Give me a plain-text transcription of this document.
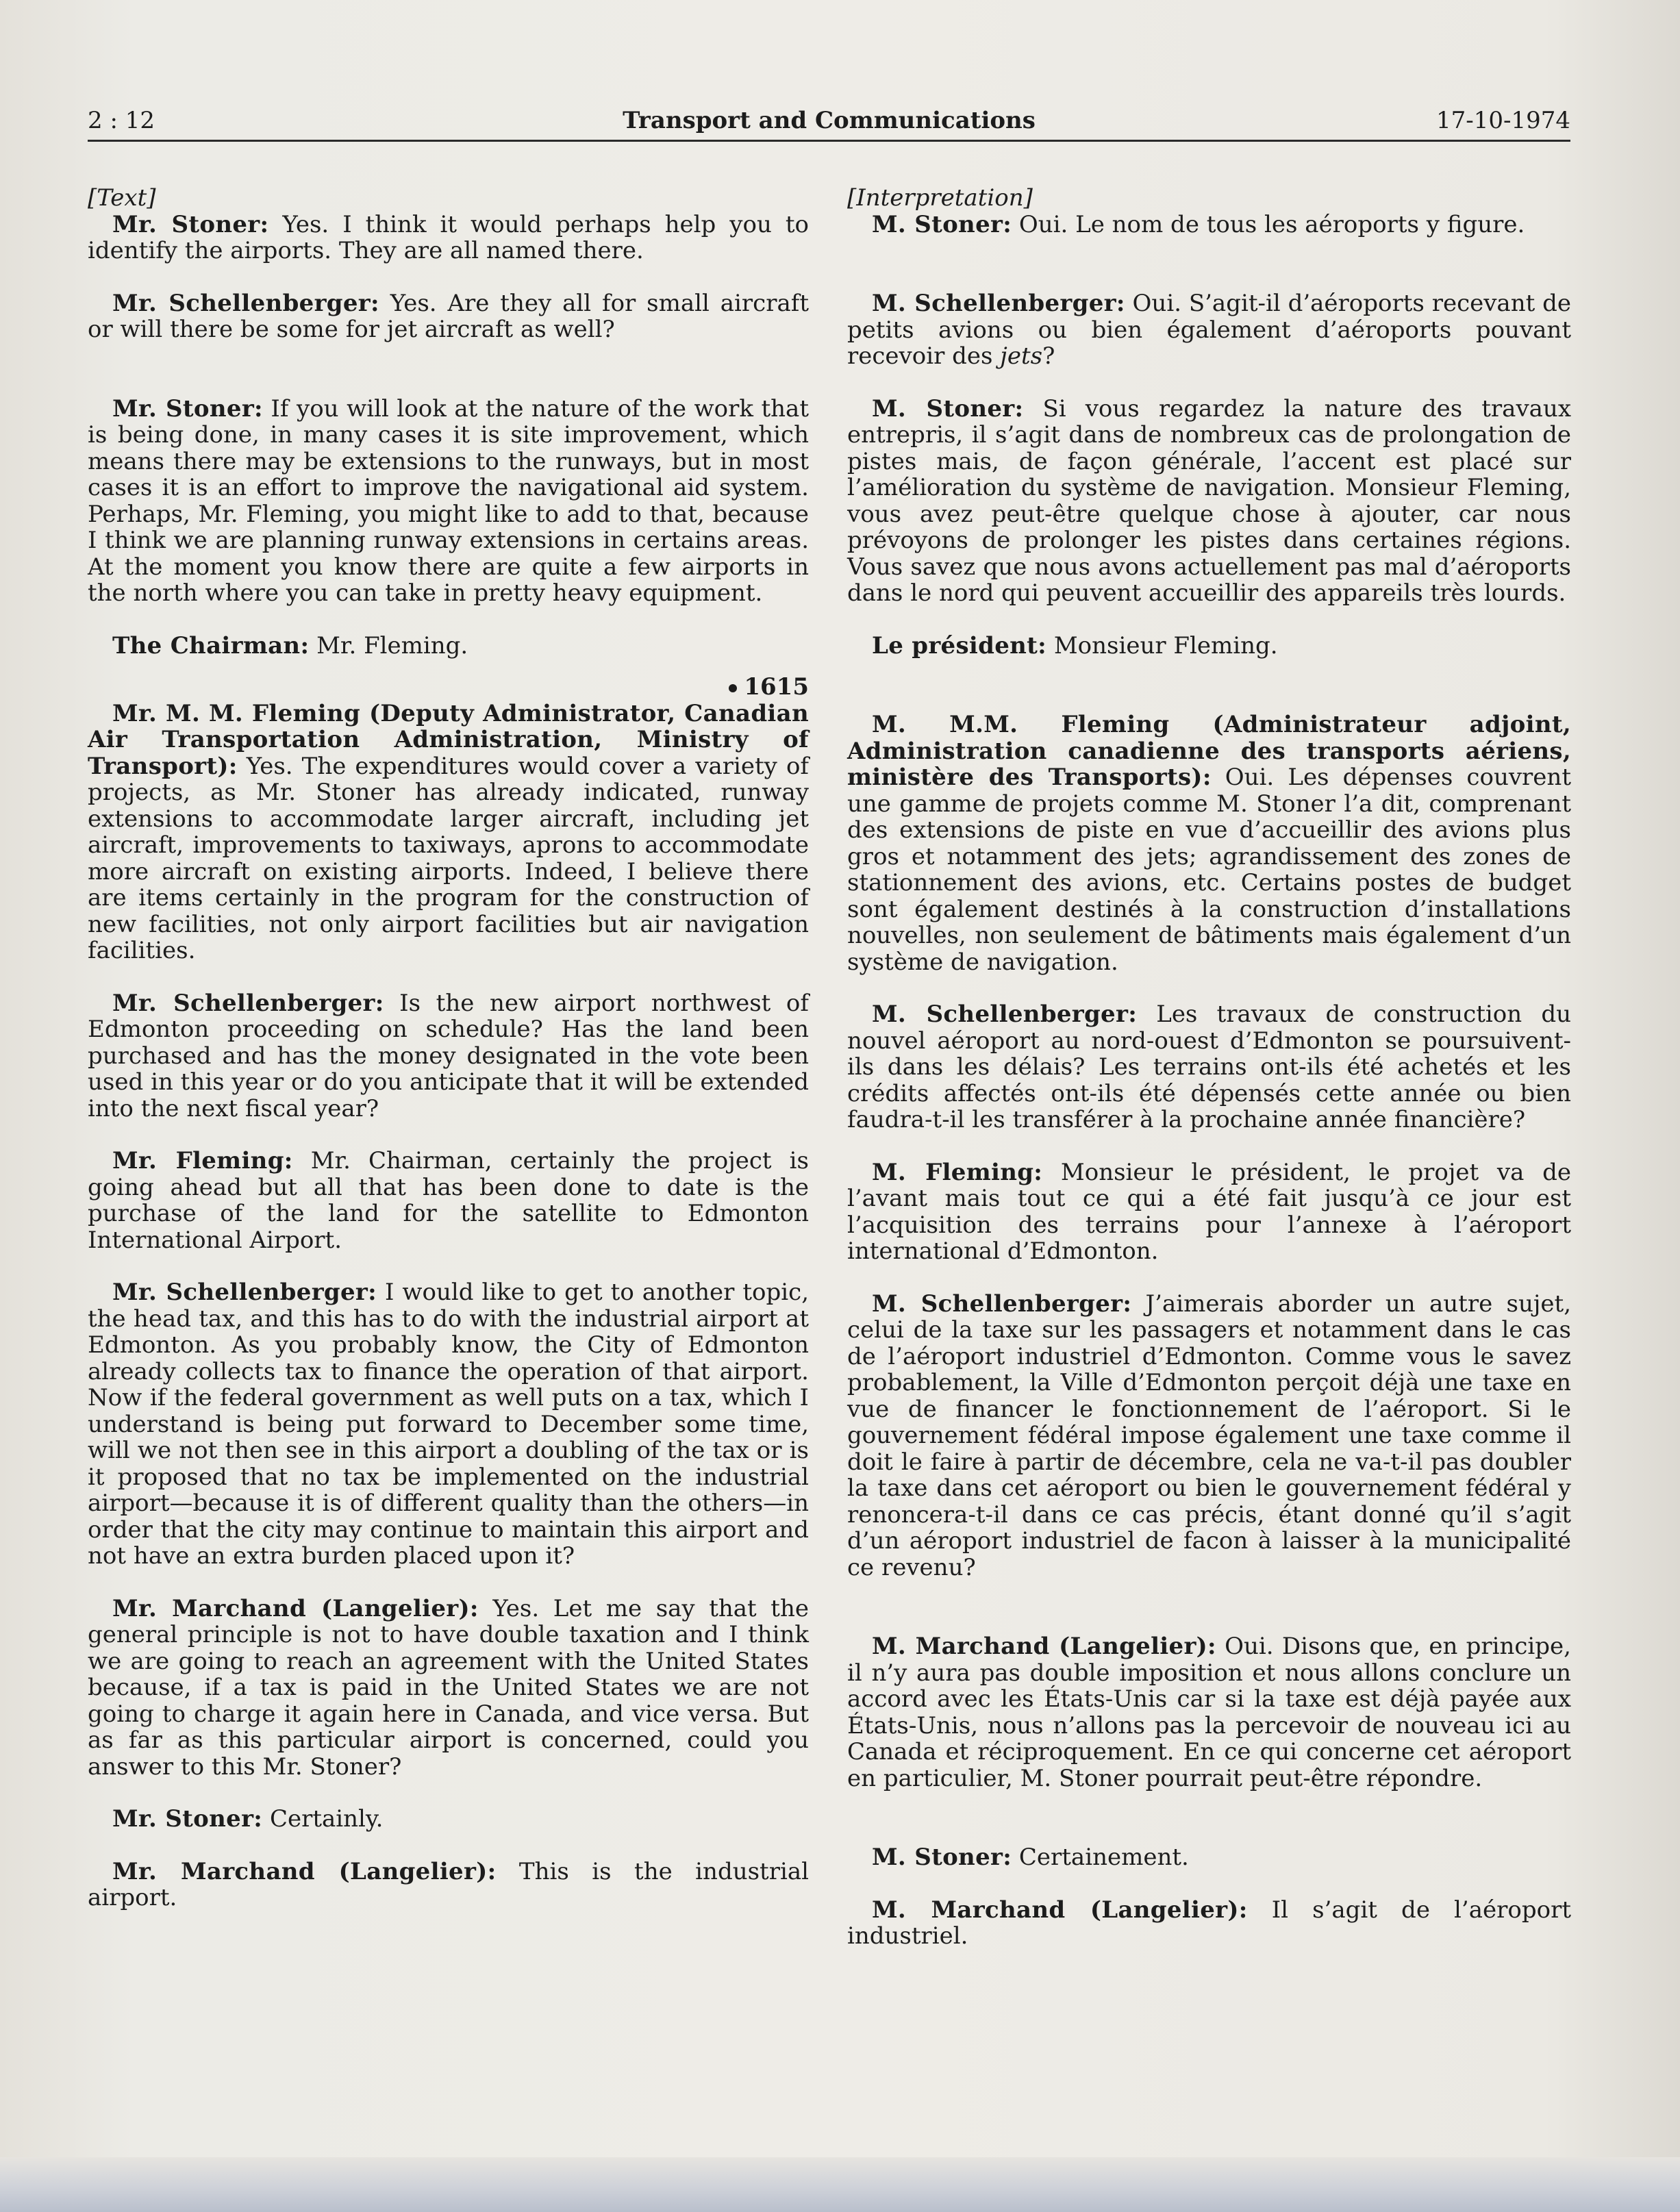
2 : 12	Transport and Communications	17-10-1974

[Text]

Mr. Stoner: Yes. I think it would perhaps help you to identify the airports. They are all named there.

Mr. Schellenberger: Yes. Are they all for small aircraft or will there be some for jet aircraft as well?

Mr. Stoner: If you will look at the nature of the work that is being done, in many cases it is site improvement, which means there may be extensions to the runways, but in most cases it is an effort to improve the navigational aid system. Perhaps, Mr. Fleming, you might like to add to that, because I think we are planning runway extensions in certains areas. At the moment you know there are quite a few airports in the north where you can take in pretty heavy equipment.

The Chairman: Mr. Fleming.

1615

Mr. M. M. Fleming (Deputy Administrator, Canadian Air Transportation Administration, Ministry of Transport): Yes. The expenditures would cover a variety of projects, as Mr. Stoner has already indicated, runway extensions to accommodate larger aircraft, including jet aircraft, improvements to taxiways, aprons to accommodate more aircraft on existing airports. Indeed, I believe there are items certainly in the program for the construction of new facilities, not only airport facilities but air navigation facilities.

Mr. Schellenberger: Is the new airport northwest of Edmonton proceeding on schedule? Has the land been purchased and has the money designated in the vote been used in this year or do you anticipate that it will be extended into the next fiscal year?

Mr. Fleming: Mr. Chairman, certainly the project is going ahead but all that has been done to date is the purchase of the land for the satellite to Edmonton International Airport.

Mr. Schellenberger: I would like to get to another topic, the head tax, and this has to do with the industrial airport at Edmonton. As you probably know, the City of Edmonton already collects tax to finance the operation of that airport. Now if the federal government as well puts on a tax, which I understand is being put forward to December some time, will we not then see in this airport a doubling of the tax or is it proposed that no tax be implemented on the industrial airport—because it is of different quality than the others—in order that the city may continue to maintain this airport and not have an extra burden placed upon it?

Mr. Marchand (Langelier): Yes. Let me say that the general principle is not to have double taxation and I think we are going to reach an agreement with the United States because, if a tax is paid in the United States we are not going to charge it again here in Canada, and vice versa. But as far as this particular airport is concerned, could you answer to this Mr. Stoner?

Mr. Stoner: Certainly.

Mr. Marchand (Langelier): This is the industrial airport.

[Interpretation]

M. Stoner: Oui. Le nom de tous les aéroports y figure.

M. Schellenberger: Oui. S’agit-il d’aéroports recevant de petits avions ou bien également d’aéroports pouvant recevoir des jets?

M. Stoner: Si vous regardez la nature des travaux entrepris, il s’agit dans de nombreux cas de prolongation de pistes mais, de façon générale, l’accent est placé sur l’amélioration du système de navigation. Monsieur Fleming, vous avez peut-être quelque chose à ajouter, car nous prévoyons de prolonger les pistes dans certaines régions. Vous savez que nous avons actuellement pas mal d’aéroports dans le nord qui peuvent accueillir des appareils très lourds.

Le président: Monsieur Fleming.

M. M.M. Fleming (Administrateur adjoint, Administration canadienne des transports aériens, ministère des Transports): Oui. Les dépenses couvrent une gamme de projets comme M. Stoner l’a dit, comprenant des extensions de piste en vue d’accueillir des avions plus gros et notamment des jets; agrandissement des zones de stationnement des avions, etc. Certains postes de budget sont également destinés à la construction d’installations nouvelles, non seulement de bâtiments mais également d’un système de navigation.

M. Schellenberger: Les travaux de construction du nouvel aéroport au nord-ouest d’Edmonton se poursuivent-ils dans les délais? Les terrains ont-ils été achetés et les crédits affectés ont-ils été dépensés cette année ou bien faudra-t-il les transférer à la prochaine année financière?

M. Fleming: Monsieur le président, le projet va de l’avant mais tout ce qui a été fait jusqu’à ce jour est l’acquisition des terrains pour l’annexe à l’aéroport international d’Edmonton.

M. Schellenberger: J’aimerais aborder un autre sujet, celui de la taxe sur les passagers et notamment dans le cas de l’aéroport industriel d’Edmonton. Comme vous le savez probablement, la Ville d’Edmonton perçoit déjà une taxe en vue de financer le fonctionnement de l’aéroport. Si le gouvernement fédéral impose également une taxe comme il doit le faire à partir de décembre, cela ne va-t-il pas doubler la taxe dans cet aéroport ou bien le gouvernement fédéral y renoncera-t-il dans ce cas précis, étant donné qu’il s’agit d’un aéroport industriel de facon à laisser à la municipalité ce revenu?

M. Marchand (Langelier): Oui. Disons que, en principe, il n’y aura pas double imposition et nous allons conclure un accord avec les États-Unis car si la taxe est déjà payée aux États-Unis, nous n’allons pas la percevoir de nouveau ici au Canada et réciproquement. En ce qui concerne cet aéroport en particulier, M. Stoner pourrait peut-être répondre.

M. Stoner: Certainement.

M. Marchand (Langelier): Il s’agit de l’aéroport industriel.
